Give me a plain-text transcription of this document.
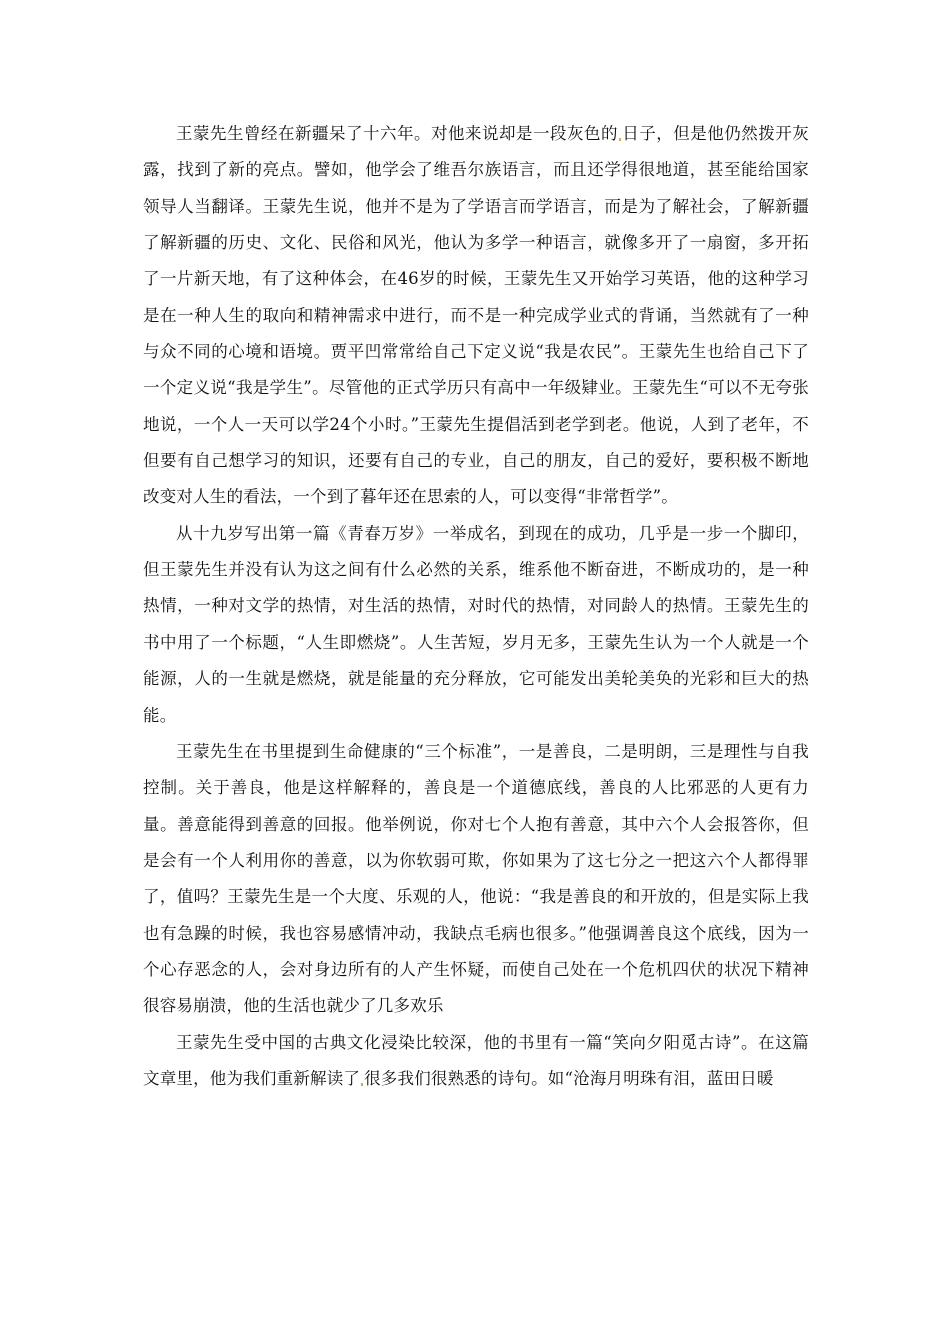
王蒙先生曾经在新疆呆了十六年。对他来说却是一段灰色的 日子，但是他仍然拨开灰露，找到了新的亮点。譬如，他学会了维吾尔族语言，而且还学得很地道，甚至能给国家领导人当翻译。王蒙先生说，他并不是为了学语言而学语言，而是为了解社会，了解新疆了解新疆的历史、文化、民俗和风光，他认为多学一种语言，就像多开了一扇窗，多开拓了一片新天地，有了这种体会，在46岁的时候，王蒙先生又开始学习英语，他的这种学习是在一种人生的取向和精神需求中进行，而不是一种完成学业式的背诵，当然就有了一种与众不同的心境和语境。贾平凹常常给自己下定义说“我是农民”。王蒙先生也给自己下了一个定义说“我是学生”。尽管他的正式学历只有高中一年级肄业。王蒙先生“可以不无夸张地说，一个人一天可以学24个小时。”王蒙先生提倡活到老学到老。他说，人到了老年，不但要有自己想学习的知识，还要有自己的专业，自己的朋友，自己的爱好，要积极不断地改变对人生的看法，一个到了暮年还在思索的人，可以变得“非常哲学”。

从十九岁写出第一篇《青春万岁》一举成名，到现在的成功，几乎是一步一个脚印，但王蒙先生并没有认为这之间有什么必然的关系，维系他不断奋进，不断成功的，是一种热情，一种对文学的热情，对生活的热情，对时代的热情，对同龄人的热情。王蒙先生的书中用了一个标题，“人生即燃烧”。人生苦短，岁月无多，王蒙先生认为一个人就是一个能源，人的一生就是燃烧，就是能量的充分释放，它可能发出美轮美奂的光彩和巨大的热能。

王蒙先生在书里提到生命健康的“三个标准”，一是善良，二是明朗，三是理性与自我控制。关于善良，他是这样解释的，善良是一个道德底线，善良的人比邪恶的人更有力量。善意能得到善意的回报。他举例说，你对七个人抱有善意，其中六个人会报答你，但是会有一个人利用你的善意，以为你软弱可欺，你如果为了这七分之一把这六个人都得罪了，值吗？王蒙先生是一个大度、乐观的人，他说：“我是善良的和开放的，但是实际上我也有急躁的时候，我也容易感情冲动，我缺点毛病也很多。”他强调善良这个底线，因为一个心存恶念的人，会对身边所有的人产生怀疑，而使自己处在一个危机四伏的状况下精神很容易崩溃，他的生活也就少了几多欢乐

王蒙先生受中国的古典文化浸染比较深，他的书里有一篇“笑向夕阳觅古诗”。在这篇文章里，他为我们重新解读了 很多我们很熟悉的诗句。如“沧海月明珠有泪，蓝田日暖
